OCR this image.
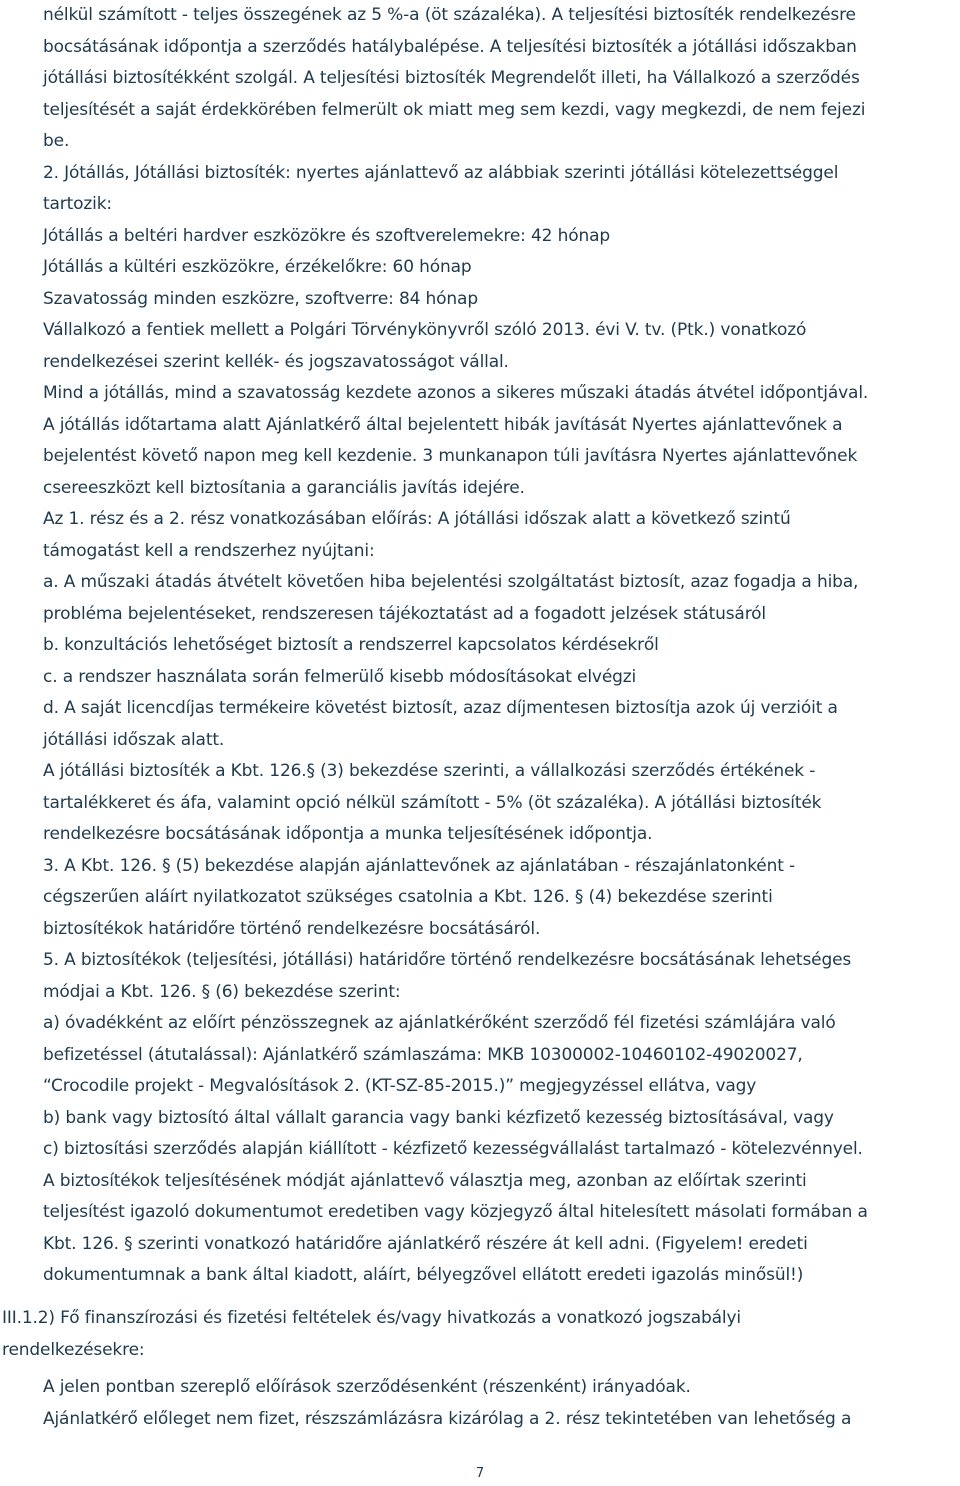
nélkül számított - teljes összegének az 5 %-a (öt százaléka). A teljesítési biztosíték rendelkezésre
bocsátásának időpontja a szerződés hatálybalépése. A teljesítési biztosíték a jótállási időszakban
jótállási biztosítékként szolgál. A teljesítési biztosíték Megrendelőt illeti, ha Vállalkozó a szerződés
teljesítését a saját érdekkörében felmerült ok miatt meg sem kezdi, vagy megkezdi, de nem fejezi
be.
2. Jótállás, Jótállási biztosíték: nyertes ajánlattevő az alábbiak szerinti jótállási kötelezettséggel
tartozik:
Jótállás a beltéri hardver eszközökre és szoftverelemekre: 42 hónap
Jótállás a kültéri eszközökre, érzékelőkre: 60 hónap
Szavatosság minden eszközre, szoftverre: 84 hónap
Vállalkozó a fentiek mellett a Polgári Törvénykönyvről szóló 2013. évi V. tv. (Ptk.) vonatkozó
rendelkezései szerint kellék- és jogszavatosságot vállal.
Mind a jótállás, mind a szavatosság kezdete azonos a sikeres műszaki átadás átvétel időpontjával.
A jótállás időtartama alatt Ajánlatkérő által bejelentett hibák javítását Nyertes ajánlattevőnek a
bejelentést követő napon meg kell kezdenie. 3 munkanapon túli javításra Nyertes ajánlattevőnek
csereeszközt kell biztosítania a garanciális javítás idejére.
Az 1. rész és a 2. rész vonatkozásában előírás: A jótállási időszak alatt a következő szintű
támogatást kell a rendszerhez nyújtani:
a. A műszaki átadás átvételt követően hiba bejelentési szolgáltatást biztosít, azaz fogadja a hiba,
probléma bejelentéseket, rendszeresen tájékoztatást ad a fogadott jelzések státusáról
b. konzultációs lehetőséget biztosít a rendszerrel kapcsolatos kérdésekről
c. a rendszer használata során felmerülő kisebb módosításokat elvégzi
d. A saját licencdíjas termékeire követést biztosít, azaz díjmentesen biztosítja azok új verzióit a
jótállási időszak alatt.
A jótállási biztosíték a Kbt. 126.§ (3) bekezdése szerinti, a vállalkozási szerződés értékének -
tartalékkeret és áfa, valamint opció nélkül számított - 5% (öt százaléka). A jótállási biztosíték
rendelkezésre bocsátásának időpontja a munka teljesítésének időpontja.
3. A Kbt. 126. § (5) bekezdése alapján ajánlattevőnek az ajánlatában - részajánlatonként -
cégszerűen aláírt nyilatkozatot szükséges csatolnia a Kbt. 126. § (4) bekezdése szerinti
biztosítékok határidőre történő rendelkezésre bocsátásáról.
5. A biztosítékok (teljesítési, jótállási) határidőre történő rendelkezésre bocsátásának lehetséges
módjai a Kbt. 126. § (6) bekezdése szerint:
a) óvadékként az előírt pénzösszegnek az ajánlatkérőként szerződő fél fizetési számlájára való
befizetéssel (átutalással): Ajánlatkérő számlaszáma: MKB 10300002-10460102-49020027,
“Crocodile projekt - Megvalósítások 2. (KT-SZ-85-2015.)” megjegyzéssel ellátva, vagy
b) bank vagy biztosító által vállalt garancia vagy banki kézfizető kezesség biztosításával, vagy
c) biztosítási szerződés alapján kiállított - kézfizető kezességvállalást tartalmazó - kötelezvénnyel.
A biztosítékok teljesítésének módját ajánlattevő választja meg, azonban az előírtak szerinti
teljesítést igazoló dokumentumot eredetiben vagy közjegyző által hitelesített másolati formában a
Kbt. 126. § szerinti vonatkozó határidőre ajánlatkérő részére át kell adni. (Figyelem! eredeti
dokumentumnak a bank által kiadott, aláírt, bélyegzővel ellátott eredeti igazolás minősül!)
III.1.2) Fő finanszírozási és fizetési feltételek és/vagy hivatkozás a vonatkozó jogszabályi
rendelkezésekre:
A jelen pontban szereplő előírások szerződésenként (részenként) irányadóak.
Ajánlatkérő előleget nem fizet, részszámlázásra kizárólag a 2. rész tekintetében van lehetőség a
7
